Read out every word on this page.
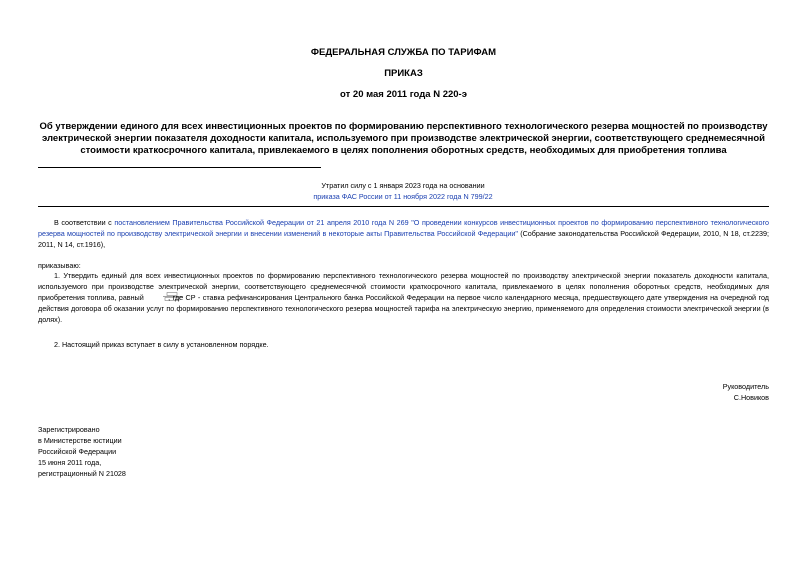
ФЕДЕРАЛЬНАЯ СЛУЖБА ПО ТАРИФАМ
ПРИКАЗ
от 20 мая 2011 года N 220-э
Об утверждении единого для всех инвестиционных проектов по формированию перспективного технологического резерва мощностей по производству электрической энергии показателя доходности капитала, используемого при производстве электрической энергии, соответствующего среднемесячной стоимости краткосрочного капитала, привлекаемого в целях пополнения оборотных средств, необходимых для приобретения топлива
Утратил силу с 1 января 2023 года на основании
приказа ФАС России от 11 ноября 2022 года N 799/22
В соответствии с постановлением Правительства Российской Федерации от 21 апреля 2010 года N 269 "О проведении конкурсов инвестиционных проектов по формированию перспективного технологического резерва мощностей по производству электрической энергии и внесении изменений в некоторые акты Правительства Российской Федерации" (Собрание законодательства Российской Федерации, 2010, N 18, ст.2239; 2011, N 14, ст.1916),
приказываю:
1. Утвердить единый для всех инвестиционных проектов по формированию перспективного технологического резерва мощностей по производству электрической энергии показатель доходности капитала, используемого при производстве электрической энергии, соответствующего среднемесячной стоимости краткосрочного капитала, привлекаемого в целях пополнения оборотных средств, необходимых для приобретения топлива, равный	, где СР - ставка рефинансирования Центрального банка Российской Федерации на первое число календарного месяца, предшествующего дате утверждения на очередной год действия договора об оказании услуг по формированию перспективного технологического резерва мощностей тарифа на электрическую энергию, применяемого для определения стоимости электрической энергии (в долях).
2. Настоящий приказ вступает в силу в установленном порядке.
Руководитель
С.Новиков
Зарегистрировано
в Министерстве юстиции
Российской Федерации
15 июня 2011 года,
регистрационный N 21028
